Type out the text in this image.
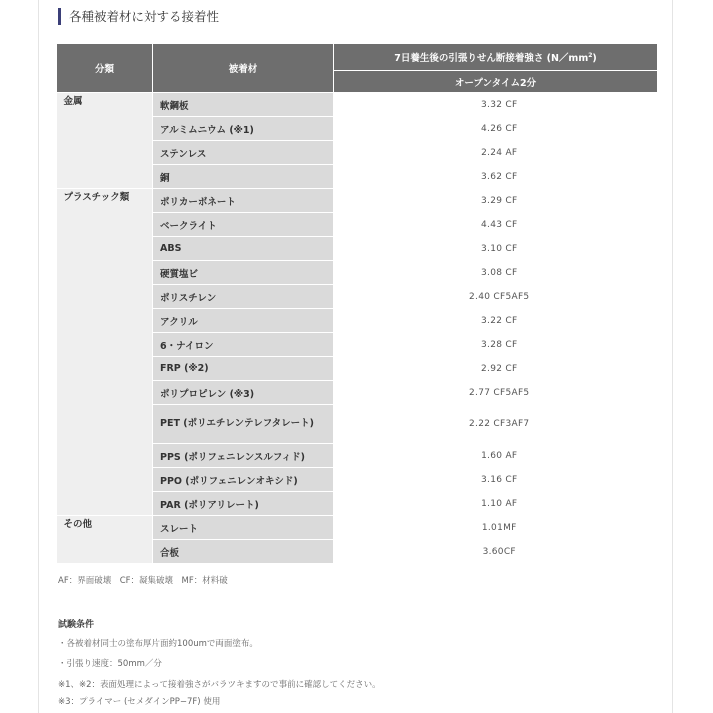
各種被着材に対する接着性
分類	被着材	7日養生後の引張りせん断接着強さ $(N/mm^2)$
		オープンタイム2分
金属	軟鋼板	3.32 CF
	アルミムニウム (※1)	4.26 CF
	ステンレス	2.24 AF
	銅	3.62 CF
プラスチック類	ポリカーボネート	3.29 CF
	ベークライト	4.43 CF
	ABS	3.10 CF
	硬質塩ビ	3.08 CF
	ポリスチレン	2.40 CF5AF5
	アクリル	3.22 CF
	6・ナイロン	3.28 CF
	FRP (※2)	2.92 CF
	ポリプロピレン (※3)	2.77 CF5AF5
	PET (ポリエチレンテレフタレート)	2.22 CF3AF7
	PPS (ポリフェニレンスルフィド)	1.60 AF
	PPO (ポリフェニレンオキシド)	3.16 CF
	PAR (ポリアリレート)	1.10 AF
その他	スレート	1.01MF
	合板	3.60CF
AF：界面破壊　CF：凝集破壊　MF：材料破
試験条件
・各被着材同士の塗布厚片面約100umで両面塗布。
・引張り速度：50mm／分
※1、※2：表面処理によって接着強さがバラツキますので事前に確認してください。
※3：プライマー (セメダインPP−7F) 使用
